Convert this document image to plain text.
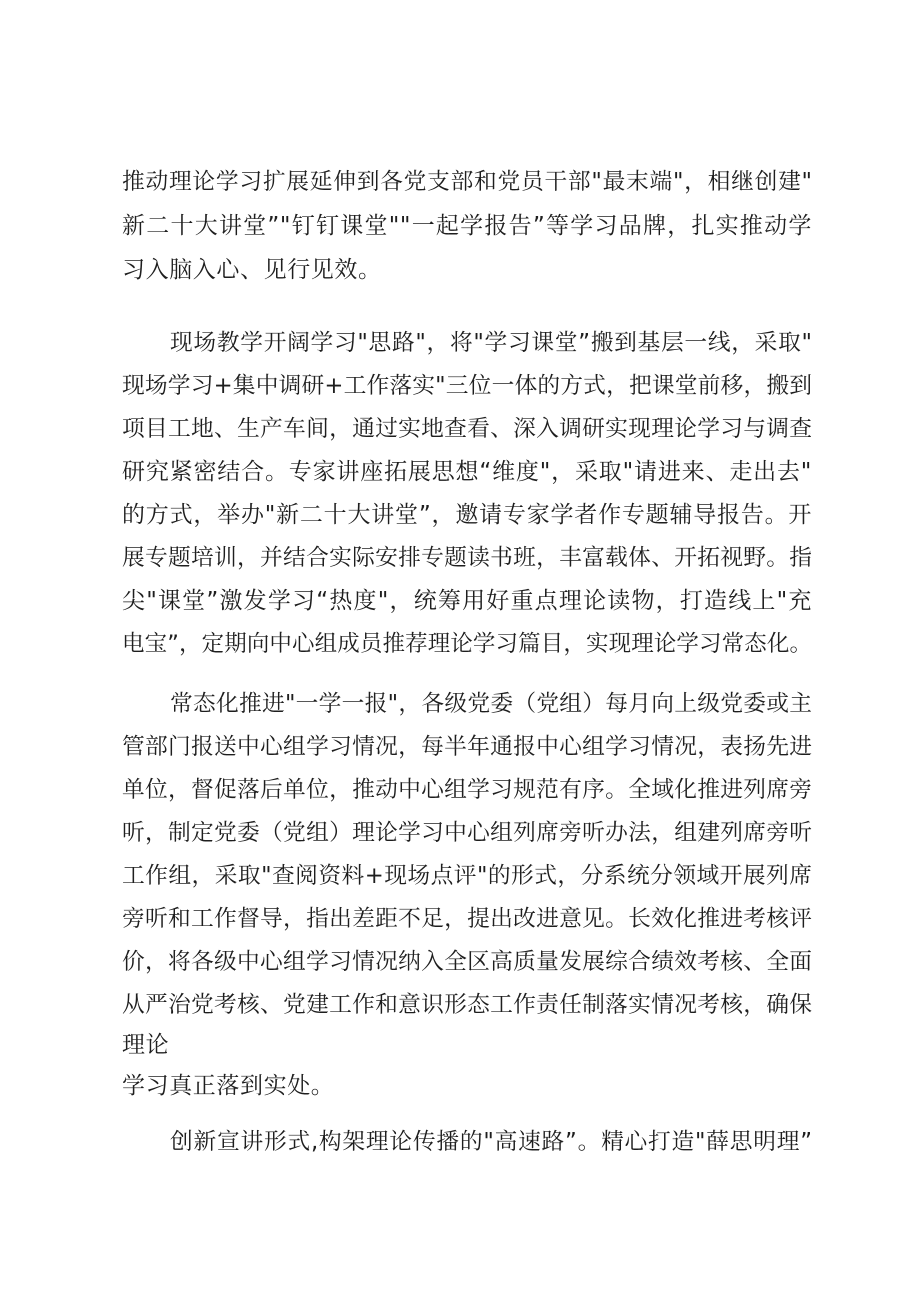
推动理论学习扩展延伸到各党支部和党员干部"最末端"，相继创建"
新二十大讲堂”"钉钉课堂""一起学报告”等学习品牌，扎实推动学
习入脑入心、见行见效。
现场教学开阔学习"思路"，将"学习课堂”搬到基层一线，采取"
现场学习+集中调研+工作落实"三位一体的方式，把课堂前移，搬到
项目工地、生产车间，通过实地查看、深入调研实现理论学习与调查
研究紧密结合。专家讲座拓展思想“维度"，采取"请进来、走出去"
的方式，举办"新二十大讲堂”，邀请专家学者作专题辅导报告。开
展专题培训，并结合实际安排专题读书班，丰富载体、开拓视野。指
尖"课堂”激发学习“热度"，统筹用好重点理论读物，打造线上"充
电宝”，定期向中心组成员推荐理论学习篇目，实现理论学习常态化。
常态化推进"一学一报"，各级党委（党组）每月向上级党委或主
管部门报送中心组学习情况，每半年通报中心组学习情况，表扬先进
单位，督促落后单位，推动中心组学习规范有序。全域化推进列席旁
听，制定党委（党组）理论学习中心组列席旁听办法，组建列席旁听
工作组，采取"查阅资料+现场点评"的形式，分系统分领域开展列席
旁听和工作督导，指出差距不足，提出改进意见。长效化推进考核评
价，将各级中心组学习情况纳入全区高质量发展综合绩效考核、全面
从严治党考核、党建工作和意识形态工作责任制落实情况考核，确保
理论
学习真正落到实处。
创新宣讲形式,构架理论传播的"高速路”。精心打造"薛思明理”
